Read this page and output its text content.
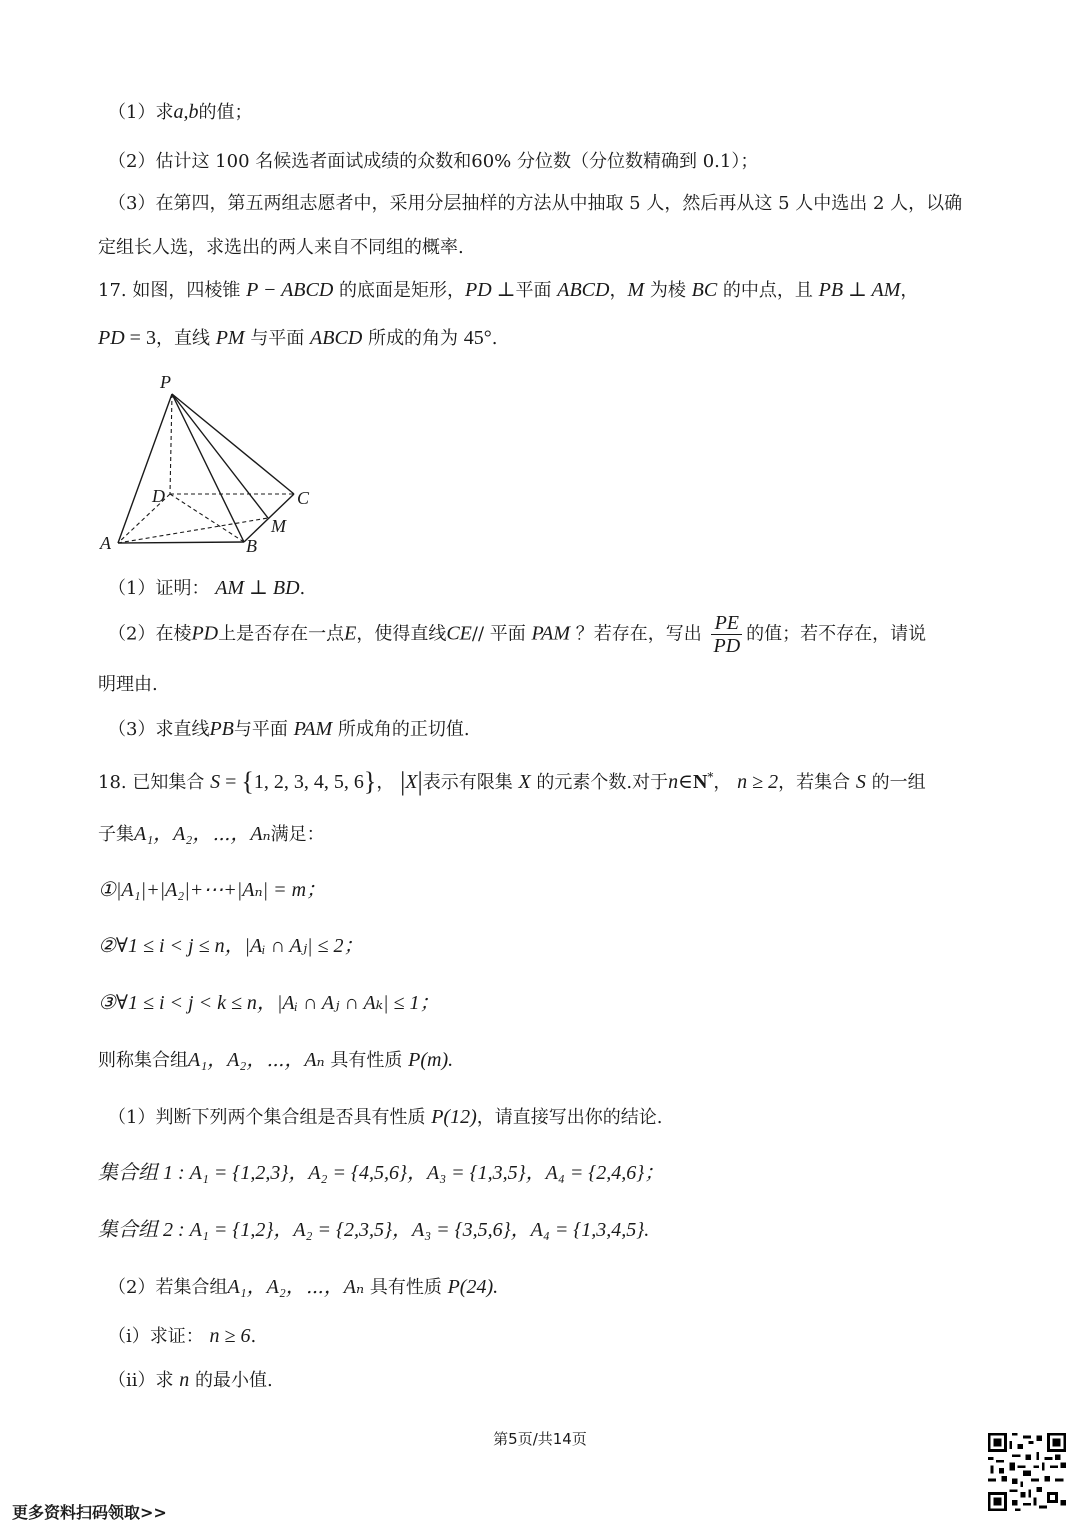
（1）求a,b的值；
（2）估计这 100 名候选者面试成绩的众数和60% 分位数（分位数精确到 0.1）；
（3）在第四，第五两组志愿者中，采用分层抽样的方法从中抽取 5 人，然后再从这 5 人中选出 2 人，以确
定组长人选，求选出的两人来自不同组的概率.
17. 如图，四棱锥 P − ABCD 的底面是矩形，PD ⊥平面 ABCD，M 为棱 BC 的中点，且 PB ⊥ AM，
PD = 3，直线 PM 与平面 ABCD 所成的角为 45°.
P
D	C
M
A	B
（1）证明： AM ⊥ BD.
（2）在棱PD上是否存在一点E，使得直线CE// 平面 PAM ？若存在，写出 $\frac{PE}{PD}$ 的值；若不存在，请说
明理由.
（3）求直线PB与平面 PAM 所成角的正切值.
18. 已知集合 S = {1, 2, 3, 4, 5, 6}， |X|表示有限集 X 的元素个数.对于n∈N*， n ≥ 2，若集合 S 的一组
子集A₁，A₂，⋯，Aₙ满足：
①|A₁|+|A₂|+⋯+|Aₙ| = m；
②∀1 ≤ i < j ≤ n，|Aᵢ ∩ Aⱼ| ≤ 2；
③∀1 ≤ i < j < k ≤ n，|Aᵢ ∩ Aⱼ ∩ Aₖ| ≤ 1；
则称集合组A₁，A₂，⋯，Aₙ 具有性质 P(m).
（1）判断下列两个集合组是否具有性质 P(12)，请直接写出你的结论.
集合组 1 : A₁ = {1,2,3}，A₂ = {4,5,6}，A₃ = {1,3,5}，A₄ = {2,4,6}；
集合组 2 : A₁ = {1,2}，A₂ = {2,3,5}，A₃ = {3,5,6}，A₄ = {1,3,4,5}.
（2）若集合组A₁，A₂，⋯，Aₙ 具有性质 P(24).
（i）求证： n ≥ 6.
（ii）求 n 的最小值.
第5页/共14页
更多资料扫码领取>>
